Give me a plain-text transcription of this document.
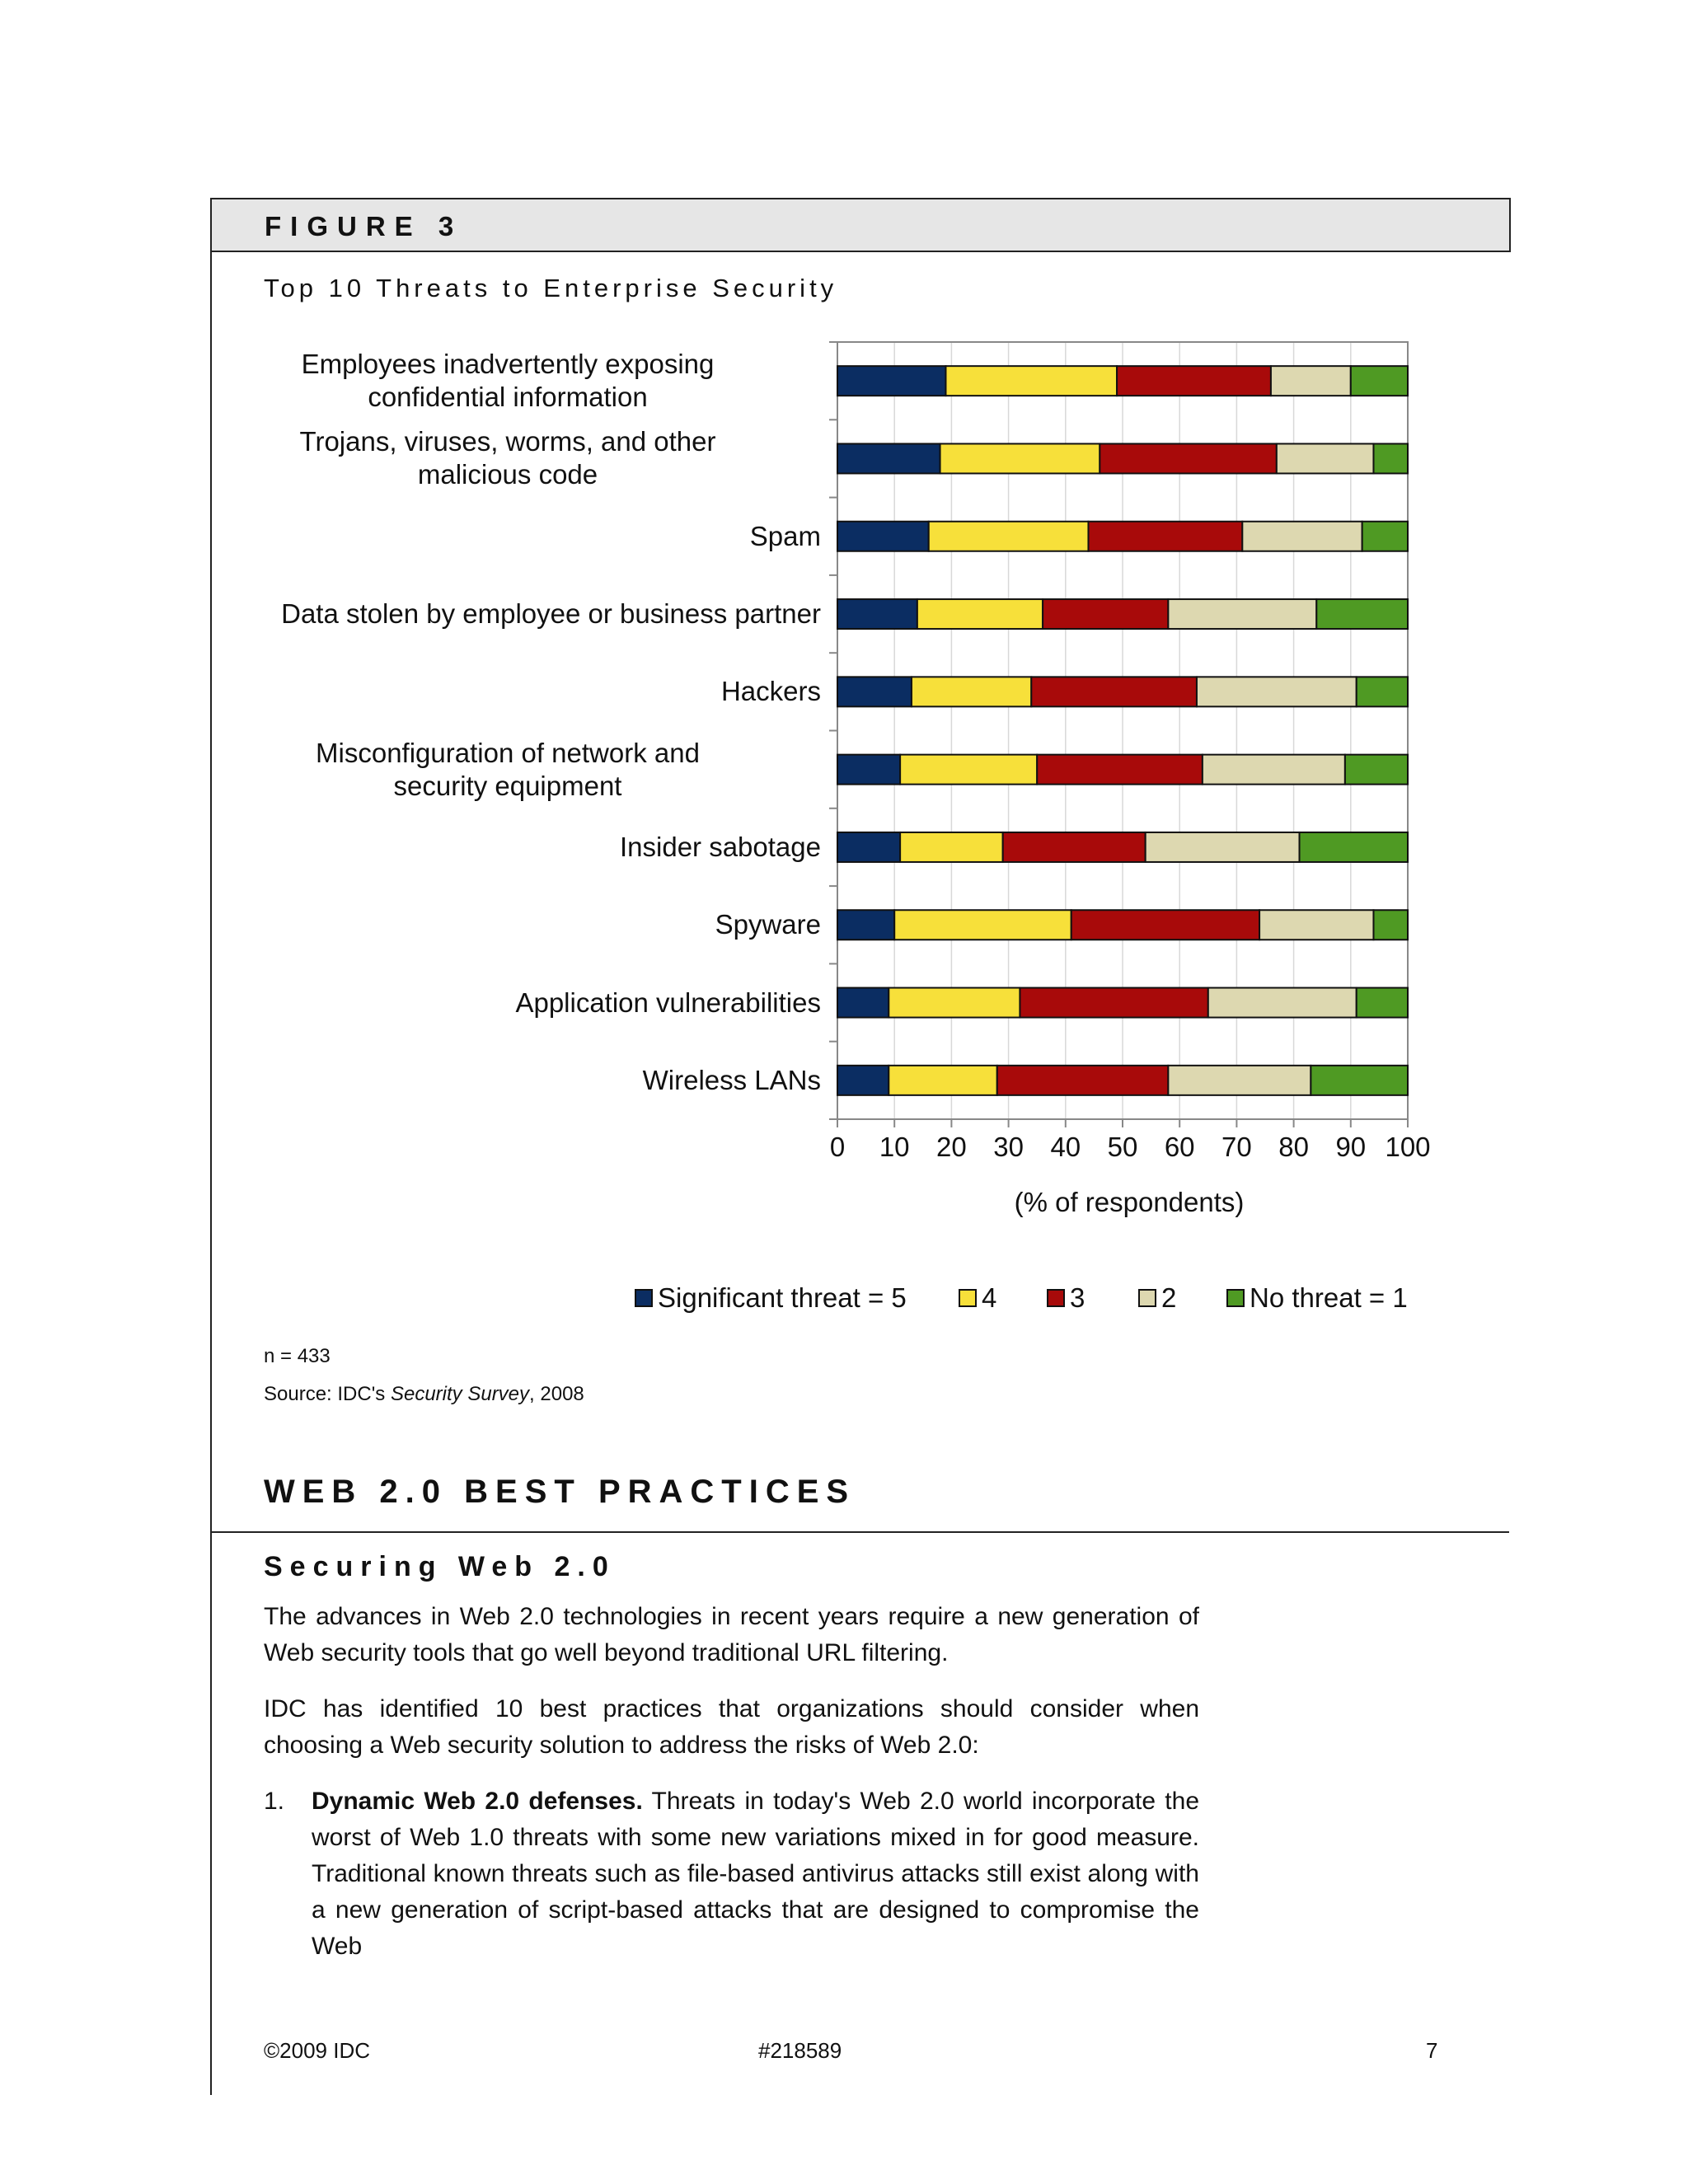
FIGURE 3
Top 10 Threats to Enterprise Security
Employees inadvertently exposing
confidential information
Trojans, viruses, worms, and other
malicious code
Spam
Data stolen by employee or business partner
Hackers
Misconfiguration of network and
security equipment
Insider sabotage
Spyware
Application vulnerabilities
Wireless LANs
0 10 20 30 40 50 60 70 80 90 100
(% of respondents)
Significant threat = 5	4	3	2	No threat = 1
n = 433
Source: IDC's Security Survey, 2008
WEB 2.0 BEST PRACTICES
Securing Web 2.0
The advances in Web 2.0 technologies in recent years require a new generation of Web security tools that go well beyond traditional URL filtering.
IDC has identified 10 best practices that organizations should consider when choosing a Web security solution to address the risks of Web 2.0:
1. Dynamic Web 2.0 defenses. Threats in today's Web 2.0 world incorporate the worst of Web 1.0 threats with some new variations mixed in for good measure. Traditional known threats such as file-based antivirus attacks still exist along with a new generation of script-based attacks that are designed to compromise the Web
©2009 IDC	#218589	7
